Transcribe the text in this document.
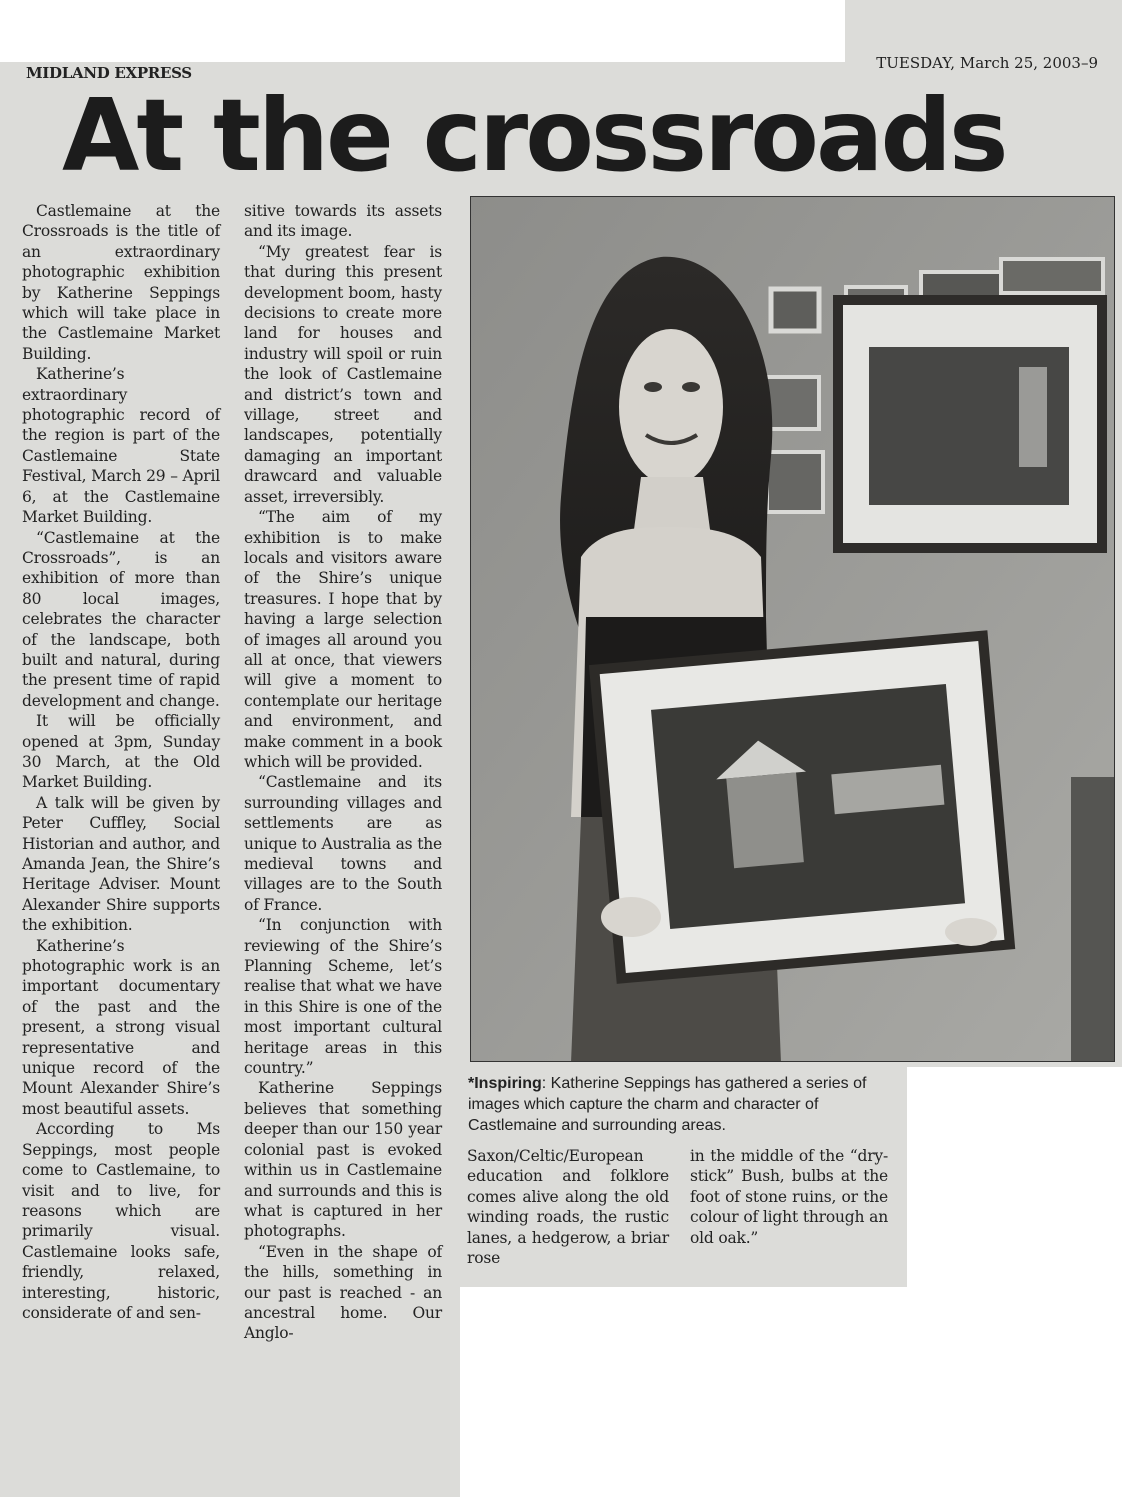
MIDLAND EXPRESS
TUESDAY, March 25, 2003–9
At the crossroads

Castlemaine at the Crossroads is the title of an extraordinary photographic exhibition by Katherine Seppings which will take place in the Castlemaine Market Building.

Katherine’s extraordinary photographic record of the region is part of the Castlemaine State Festival, March 29 – April 6, at the Castlemaine Market Building.

“Castlemaine at the Crossroads”, is an exhibition of more than 80 local images, celebrates the character of the landscape, both built and natural, during the present time of rapid development and change.

It will be officially opened at 3pm, Sunday 30 March, at the Old Market Building.

A talk will be given by Peter Cuffley, Social Historian and author, and Amanda Jean, the Shire’s Heritage Adviser. Mount Alexander Shire supports the exhibition.

Katherine’s photographic work is an important documentary of the past and the present, a strong visual representative and unique record of the Mount Alexander Shire’s most beautiful assets.

According to Ms Seppings, most people come to Castlemaine, to visit and to live, for reasons which are primarily visual. Castlemaine looks safe, friendly, relaxed, interesting, historic, considerate of and sen-

sitive towards its assets and its image.

“My greatest fear is that during this present development boom, hasty decisions to create more land for houses and industry will spoil or ruin the look of Castlemaine and district’s town and village, street and landscapes, potentially damaging an important drawcard and valuable asset, irreversibly.

“The aim of my exhibition is to make locals and visitors aware of the Shire’s unique treasures. I hope that by having a large selection of images all around you all at once, that viewers will give a moment to contemplate our heritage and environment, and make comment in a book which will be provided.

“Castlemaine and its surrounding villages and settlements are as unique to Australia as the medieval towns and villages are to the South of France.

“In conjunction with reviewing of the Shire’s Planning Scheme, let’s realise that what we have in this Shire is one of the most important cultural heritage areas in this country.”

Katherine Seppings believes that something deeper than our 150 year colonial past is evoked within us in Castlemaine and surrounds and this is what is captured in her photographs.

“Even in the shape of the hills, something in our past is reached - an ancestral home. Our Anglo-

*Inspiring: Katherine Seppings has gathered a series of images which capture the charm and character of Castlemaine and surrounding areas.

Saxon/Celtic/European education and folklore comes alive along the old winding roads, the rustic lanes, a hedgerow, a briar rose

in the middle of the “dry-stick” Bush, bulbs at the foot of stone ruins, or the colour of light through an old oak.”
